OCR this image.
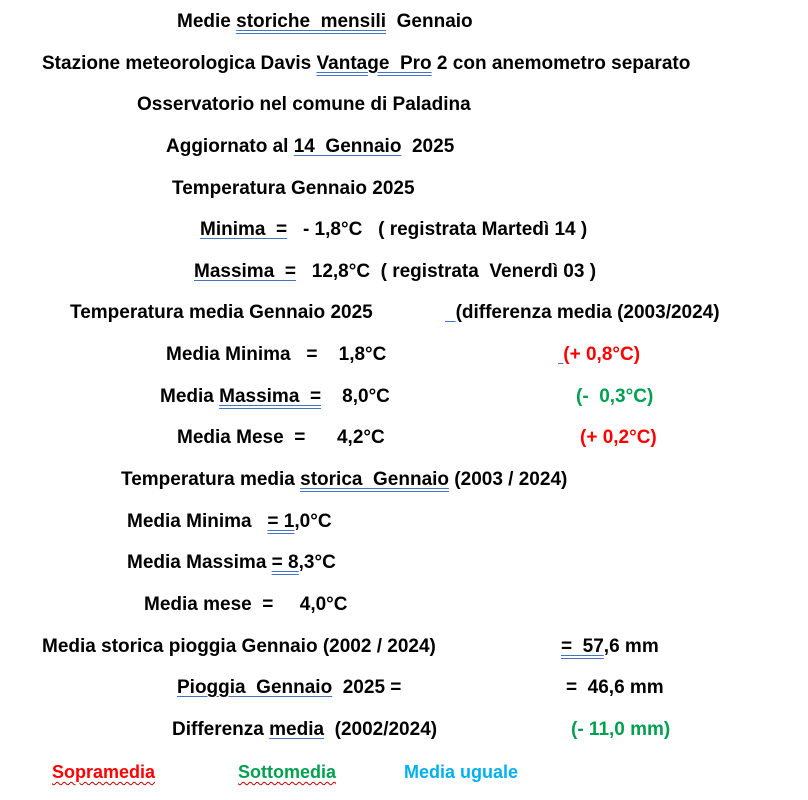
Medie storiche  mensili  Gennaio
Stazione meteorologica Davis Vantage  Pro 2 con anemometro separato
Osservatorio nel comune di Paladina
Aggiornato al 14  Gennaio  2025
Temperatura Gennaio 2025
Minima  =   - 1,8°C   ( registrata Martedì 14 )
Massima  =   12,8°C  ( registrata  Venerdì 03 )
Temperatura media Gennaio 2025	(differenza media (2003/2024)
Media Minima   =    1,8°C	(+ 0,8°C)
Media Massima  =    8,0°C	(-  0,3°C)
Media Mese  =      4,2°C	(+ 0,2°C)
Temperatura media storica  Gennaio (2003 / 2024)
Media Minima   = 1,0°C
Media Massima = 8,3°C
Media mese  =     4,0°C
Media storica pioggia Gennaio (2002 / 2024)	=  57,6 mm
Pioggia  Gennaio  2025 =	=  46,6 mm
Differenza media  (2002/2024)	(- 11,0 mm)
Sopramedia	Sottomedia	Media uguale
